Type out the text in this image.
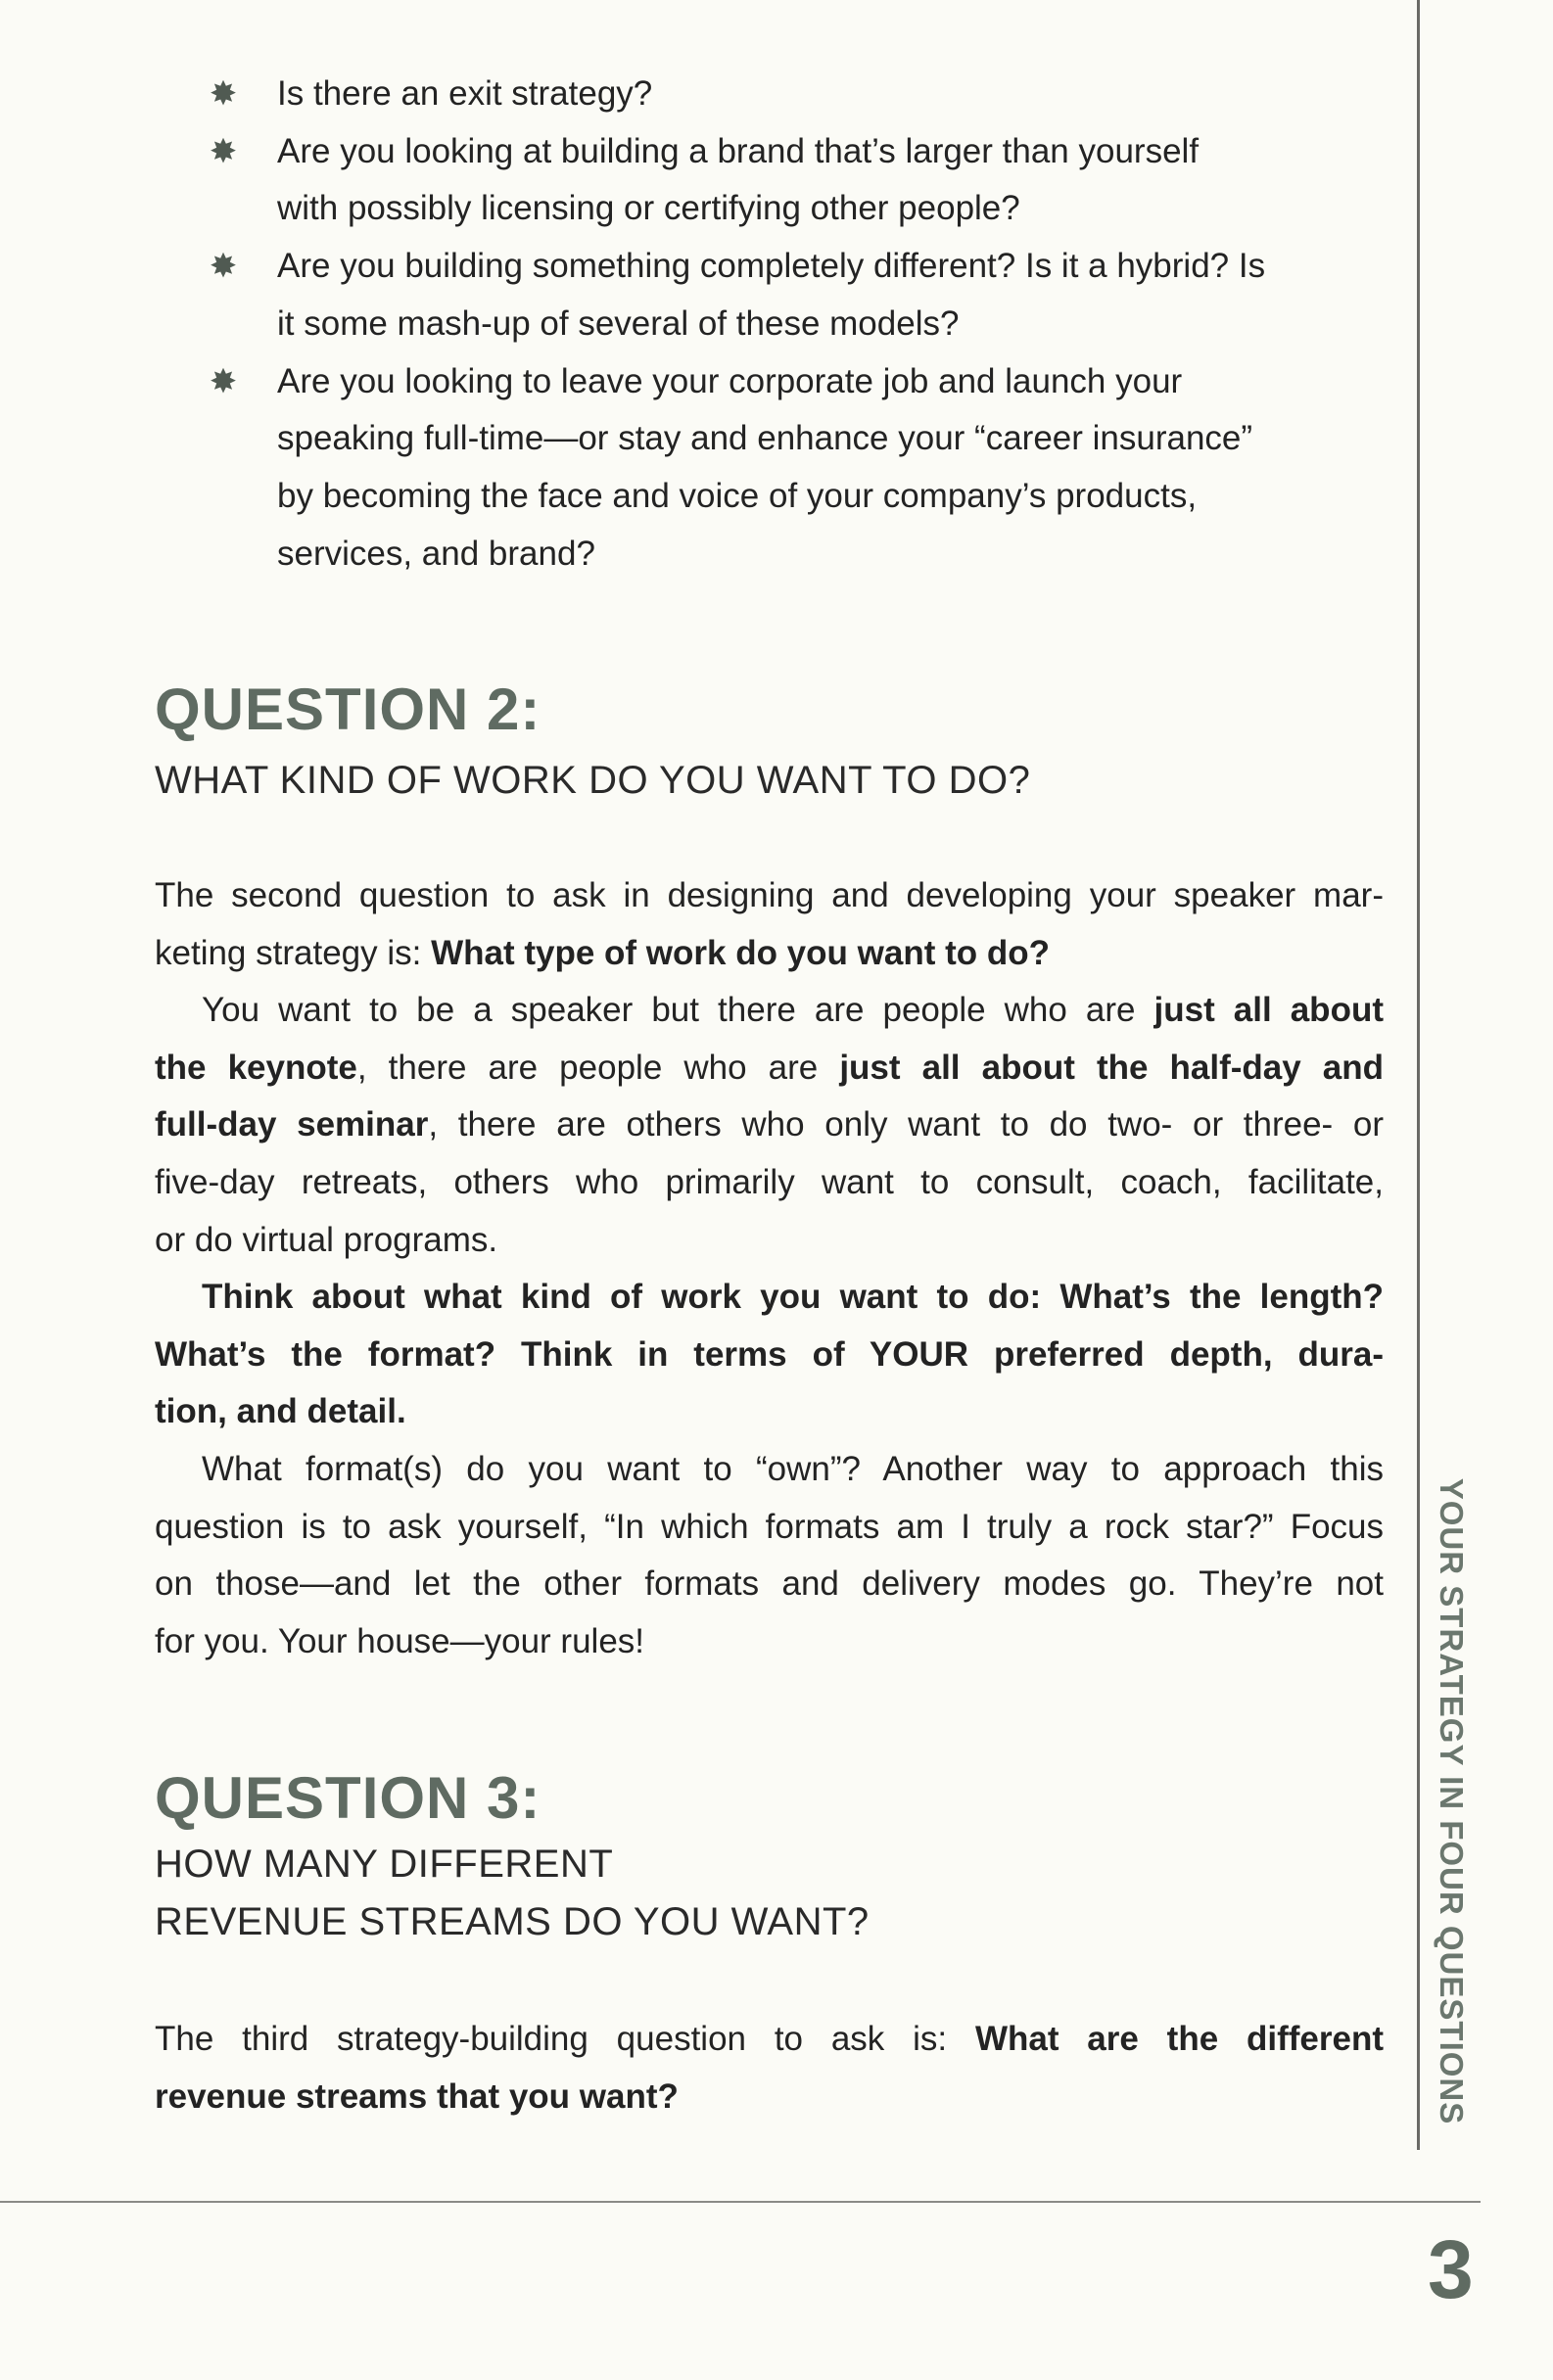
✸ Is there an exit strategy?
✸ Are you looking at building a brand that’s larger than yourself
with possibly licensing or certifying other people?
✸ Are you building something completely different? Is it a hybrid? Is
it some mash-up of several of these models?
✸ Are you looking to leave your corporate job and launch your
speaking full-time—or stay and enhance your “career insurance”
by becoming the face and voice of your company’s products,
services, and brand?
QUESTION 2:
WHAT KIND OF WORK DO YOU WANT TO DO?
The second question to ask in designing and developing your speaker mar-
keting strategy is: What type of work do you want to do?
You want to be a speaker but there are people who are just all about
the keynote, there are people who are just all about the half-day and
full-day seminar, there are others who only want to do two- or three- or
five-day retreats, others who primarily want to consult, coach, facilitate,
or do virtual programs.
Think about what kind of work you want to do: What’s the length?
What’s the format? Think in terms of YOUR preferred depth, dura-
tion, and detail.
What format(s) do you want to “own”? Another way to approach this
question is to ask yourself, “In which formats am I truly a rock star?” Focus
on those—and let the other formats and delivery modes go. They’re not
for you. Your house—your rules!
QUESTION 3:
HOW MANY DIFFERENT
REVENUE STREAMS DO YOU WANT?
The third strategy-building question to ask is: What are the different
revenue streams that you want?	YOUR STRATEGY IN FOUR QUESTIONS
3
